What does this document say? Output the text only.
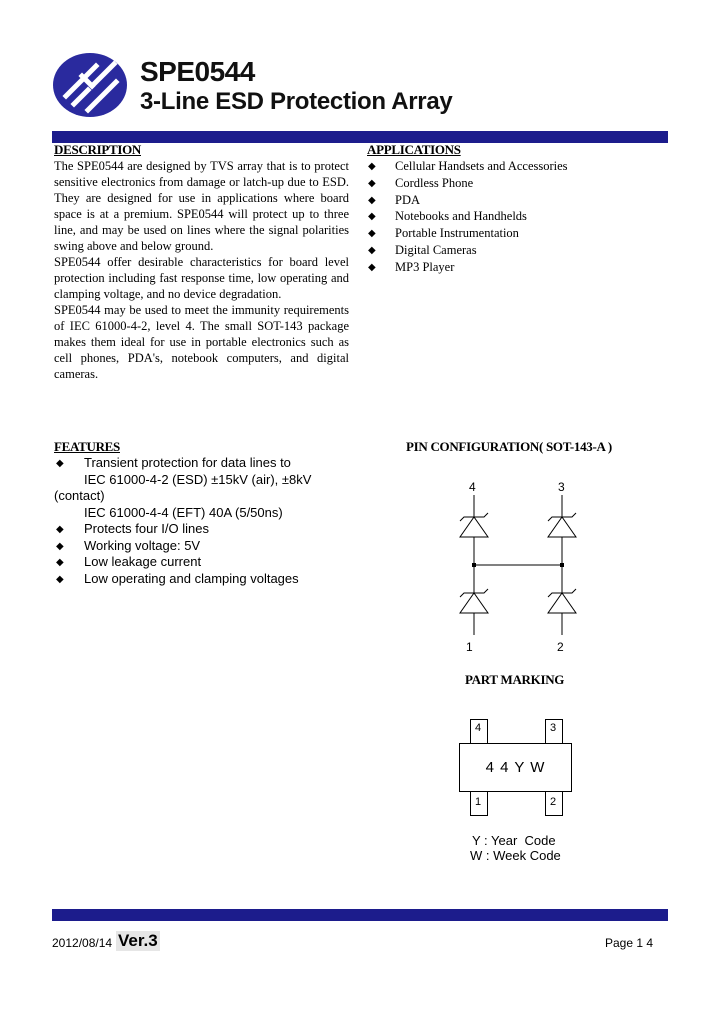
SPE0544
3-Line ESD Protection Array
DESCRIPTION

The SPE0544 are designed by TVS array that is to protect sensitive electronics from damage or latch-up due to ESD. They are designed for use in applications where board space is at a premium. SPE0544 will protect up to three line, and may be used on lines where the signal polarities swing above and below ground.

SPE0544 offer desirable characteristics for board level protection including fast response time, low operating and clamping voltage, and no device degradation.

SPE0544 may be used to meet the immunity requirements of IEC 61000-4-2, level 4. The small SOT-143 package makes them ideal for use in portable electronics such as cell phones, PDA's, notebook computers, and digital cameras.

APPLICATIONS
◆ Cellular Handsets and Accessories
◆ Cordless Phone
◆ PDA
◆ Notebooks and Handhelds
◆ Portable Instrumentation
◆ Digital Cameras
◆ MP3 Player
FEATURES
◆ Transient protection for data lines to
IEC 61000-4-2 (ESD) ±15kV (air), ±8kV
(contact)
IEC 61000-4-4 (EFT) 40A (5/50ns)
◆ Protects four I/O lines
◆ Working voltage: 5V
◆ Low leakage current
◆ Low operating and clamping voltages
PIN CONFIGURATION( SOT-143-A )
4	3
1	2
PART MARKING
4	3
4 4 Y W
1	2
Y : Year  Code
W : Week Code
2012/08/14 Ver.3	Page 1 4
